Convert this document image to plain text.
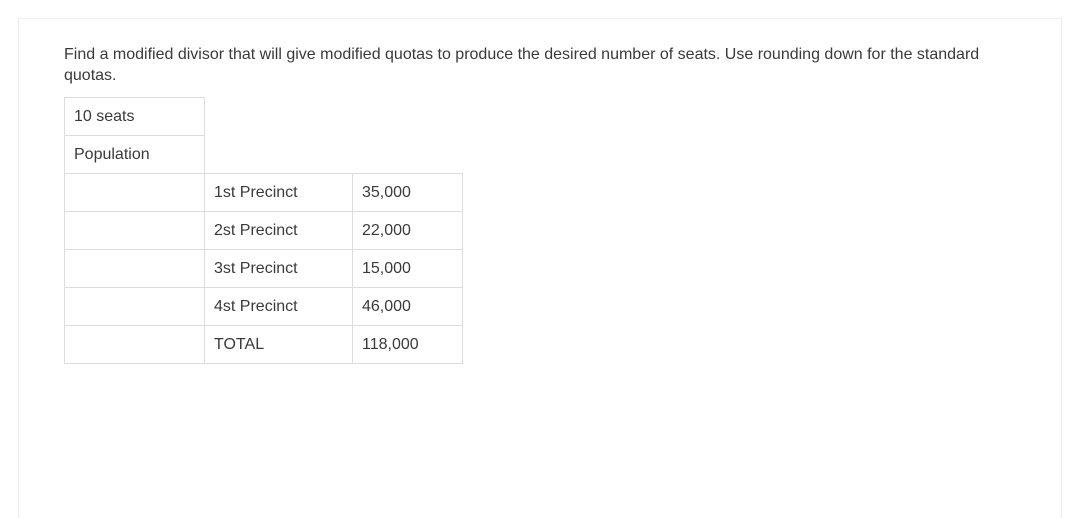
Find a modified divisor that will give modified quotas to produce the desired number of seats. Use rounding down for the standard quotas.

10 seats		
Population		
	1st Precinct	35,000
	2st Precinct	22,000
	3st Precinct	15,000
	4st Precinct	46,000
	TOTAL	118,000
